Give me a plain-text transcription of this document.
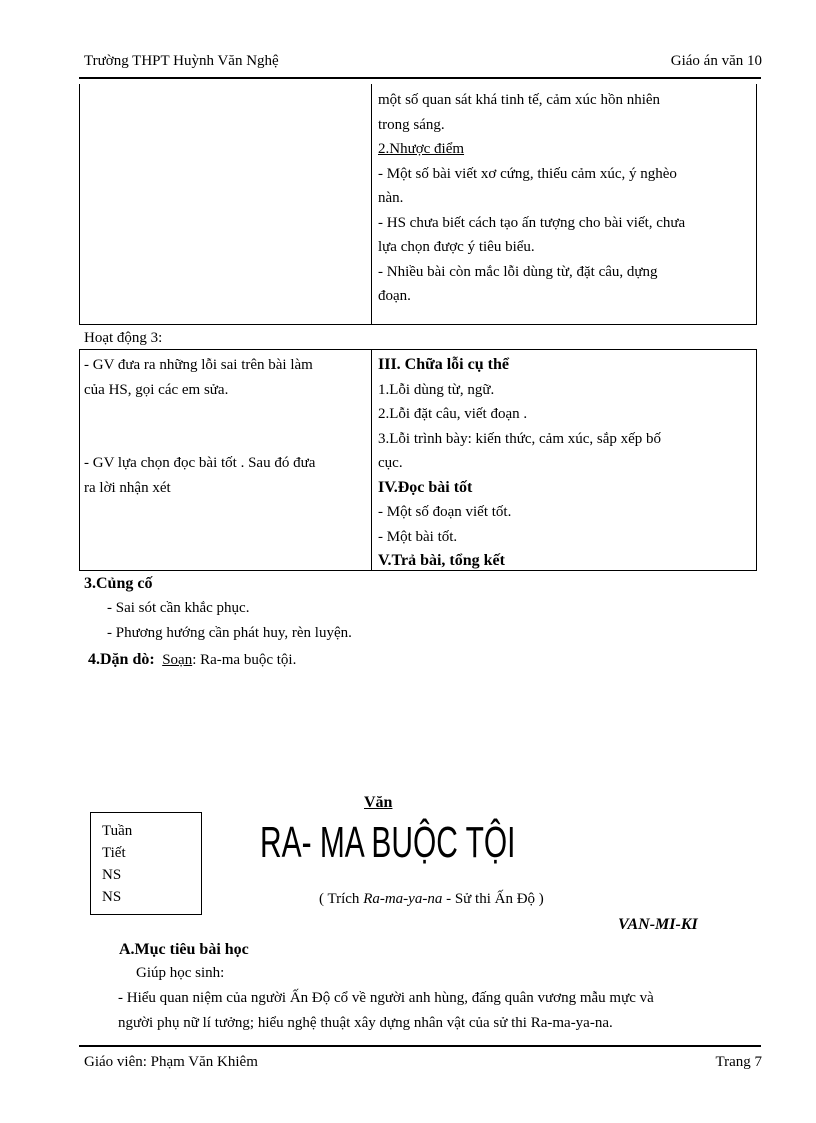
Trường THPT Huỳnh Văn Nghệ	Giáo án văn 10

một số quan sát khá tinh tế, cảm xúc hồn nhiên

trong sáng.

2.Nhược điểm

- Một số bài viết xơ cứng, thiếu cảm xúc, ý nghèo

nàn.

- HS chưa biết cách tạo ấn tượng cho bài viết, chưa

lựa chọn được ý tiêu biểu.

- Nhiều bài còn mắc lỗi dùng từ, đặt câu, dựng

đoạn.

Hoạt động 3:

- GV đưa ra những lỗi sai trên bài làm

của HS, gọi các em sửa.

- GV lựa chọn đọc bài tốt . Sau đó đưa

ra lời nhận xét

III. Chữa lỗi cụ thể

1.Lỗi dùng từ, ngữ.

2.Lỗi đặt câu, viết đoạn .

3.Lỗi trình bày: kiến thức, cảm xúc, sắp xếp bố

cục.

IV.Đọc bài tốt

- Một số đoạn viết tốt.

- Một bài tốt.

V.Trả bài, tổng kết

3.Củng cố
- Sai sót cần khắc phục.
- Phương hướng cần phát huy, rèn luyện.
4.Dặn dò: Soạn: Ra-ma buộc tội.
Tuần
Tiết
NS
NS
Văn
RA- MA BUỘC TỘI
( Trích Ra-ma-ya-na - Sử thi Ấn Độ )
VAN-MI-KI
A.Mục tiêu bài học
Giúp học sinh:
- Hiểu quan niệm của người Ấn Độ cổ về người anh hùng, đấng quân vương mẫu mực và
người phụ nữ lí tưởng; hiểu nghệ thuật xây dựng nhân vật của sử thi Ra-ma-ya-na.
Giáo viên: Phạm Văn Khiêm	Trang 7
